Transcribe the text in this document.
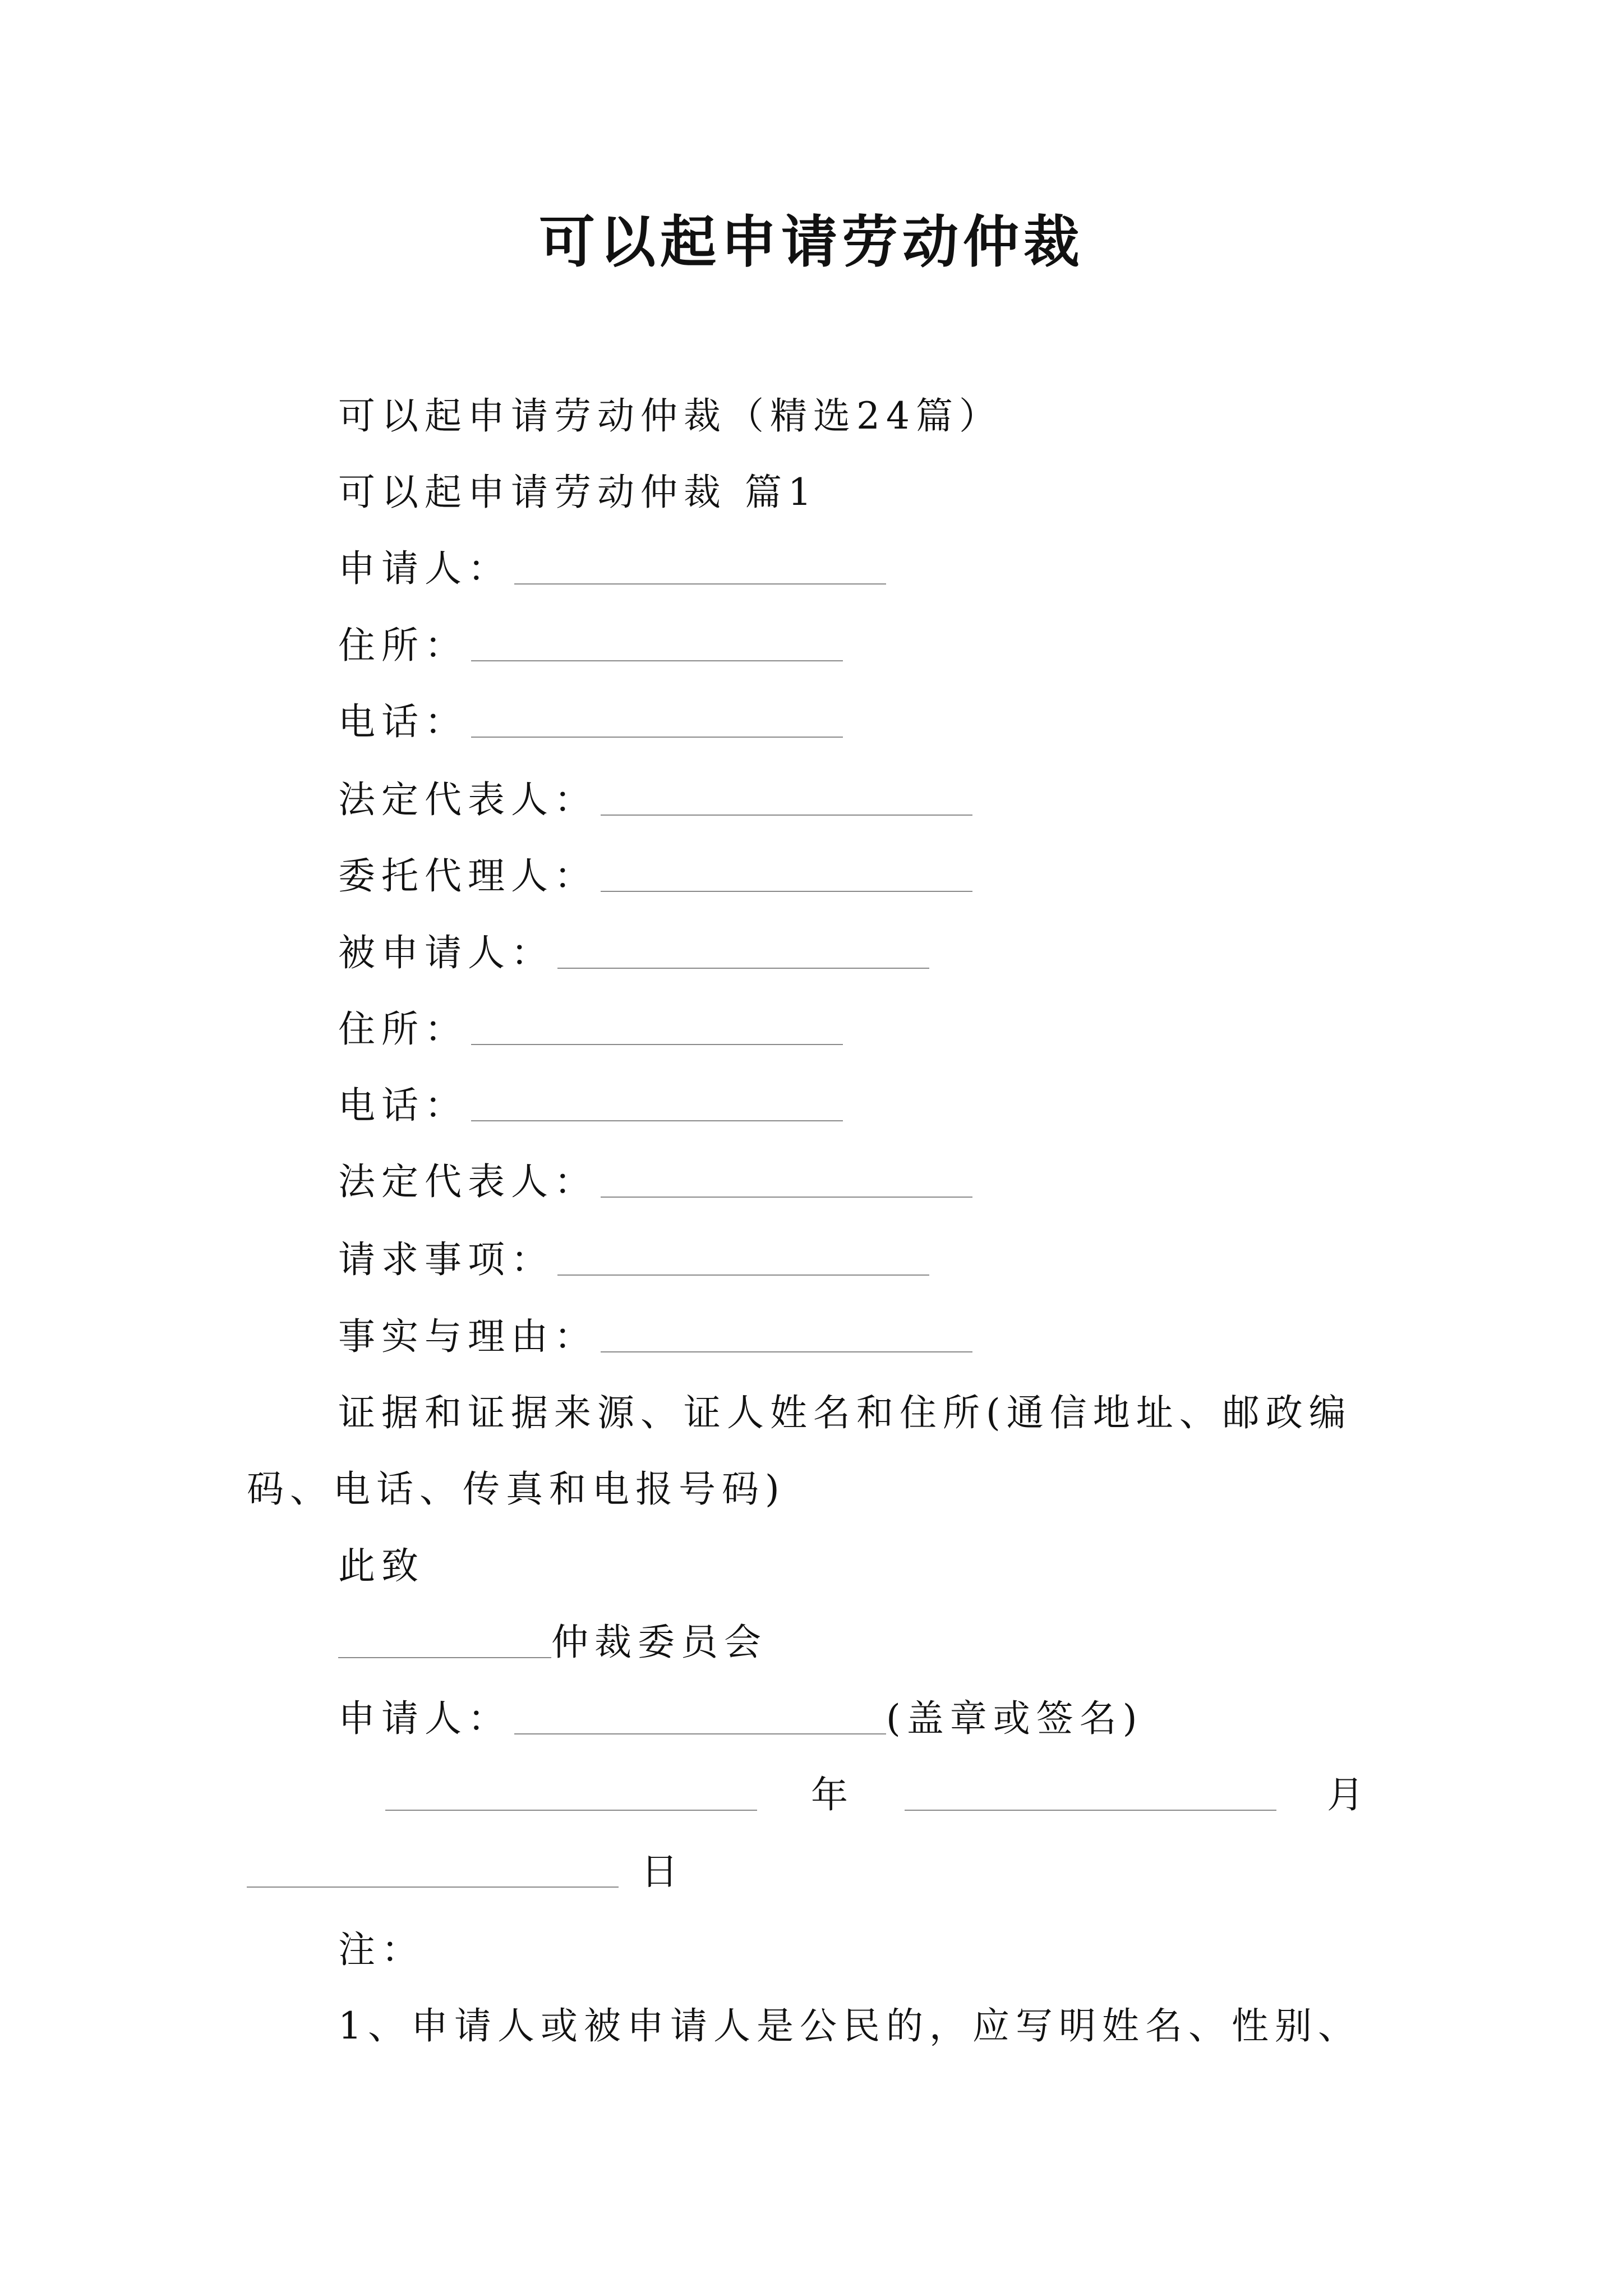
可以起申请劳动仲裁
可以起申请劳动仲裁（精选24篇）
可以起申请劳动仲裁 篇1
申请人：
住所：
电话：
法定代表人：
委托代理人：
被申请人：
住所：
电话：
法定代表人：
请求事项：
事实与理由：
证据和证据来源、证人姓名和住所(通信地址、邮政编
码、电话、传真和电报号码)
此致
仲裁委员会
申请人：	(盖章或签名)
年	月
日
注：
1、申请人或被申请人是公民的，应写明姓名、性别、
